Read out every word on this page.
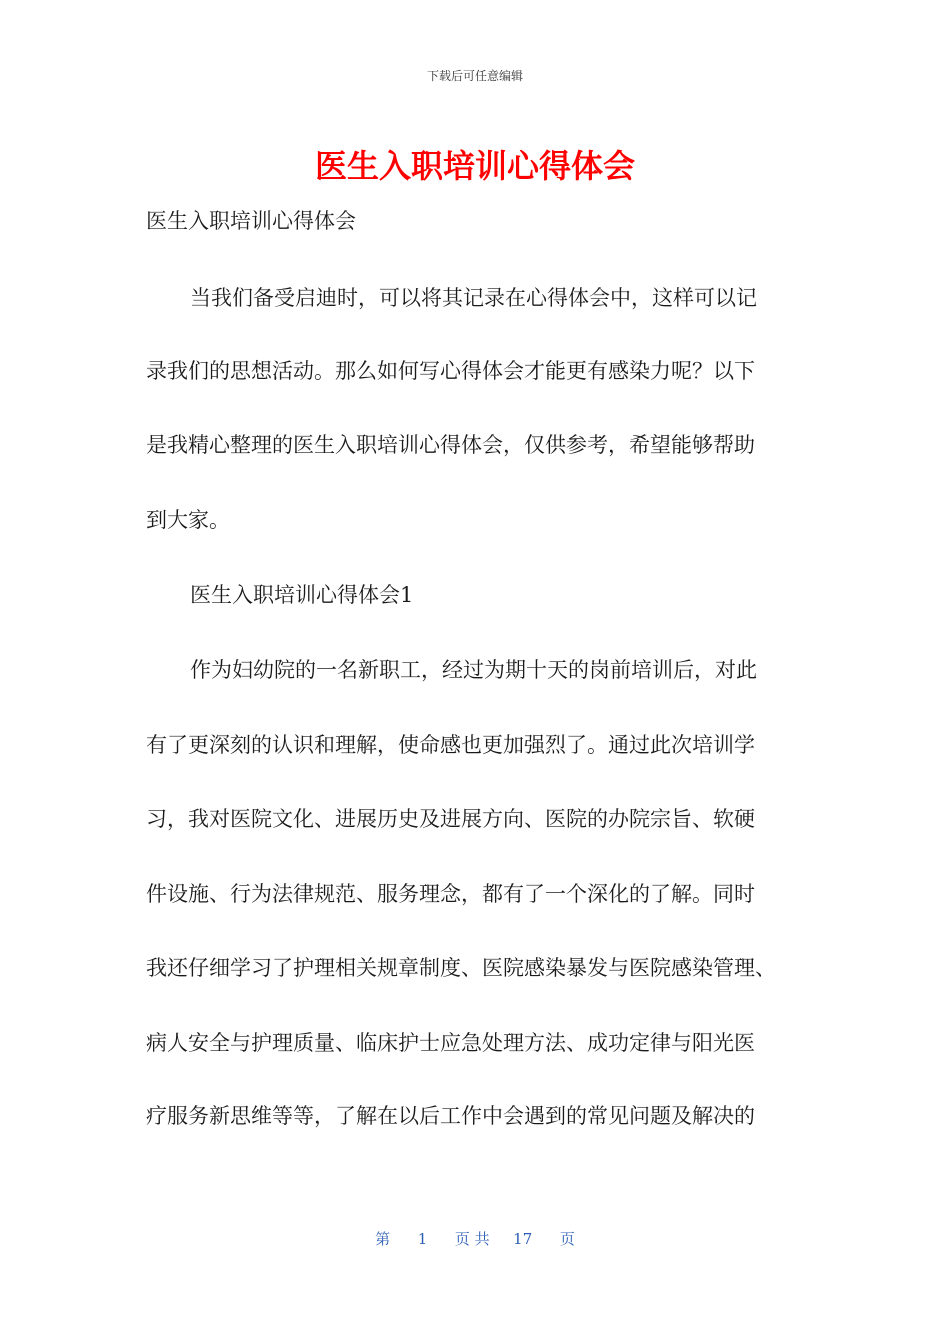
下载后可任意编辑
医生入职培训心得体会
医生入职培训心得体会
当我们备受启迪时，可以将其记录在心得体会中，这样可以记
录我们的思想活动。那么如何写心得体会才能更有感染力呢？以下
是我精心整理的医生入职培训心得体会，仅供参考，希望能够帮助
到大家。
医生入职培训心得体会1
作为妇幼院的一名新职工，经过为期十天的岗前培训后，对此
有了更深刻的认识和理解，使命感也更加强烈了。通过此次培训学
习，我对医院文化、进展历史及进展方向、医院的办院宗旨、软硬
件设施、行为法律规范、服务理念，都有了一个深化的了解。同时
我还仔细学习了护理相关规章制度、医院感染暴发与医院感染管理、
病人安全与护理质量、临床护士应急处理方法、成功定律与阳光医
疗服务新思维等等，了解在以后工作中会遇到的常见问题及解决的
第 1 页 共 17 页
